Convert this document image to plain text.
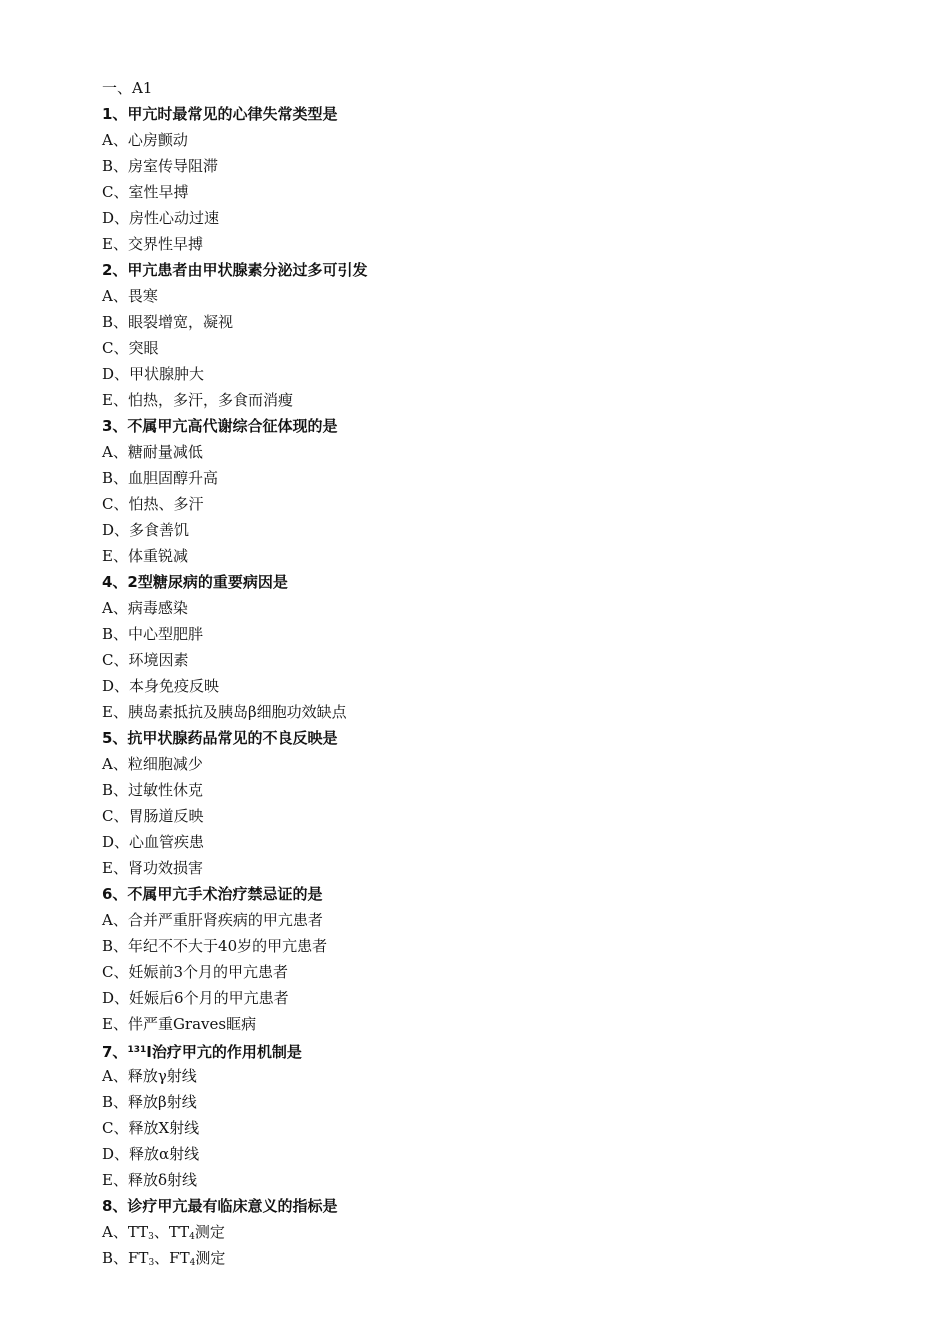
一、A1
1、甲亢时最常见的心律失常类型是
A、心房颤动
B、房室传导阻滞
C、室性早搏
D、房性心动过速
E、交界性早搏
2、甲亢患者由甲状腺素分泌过多可引发
A、畏寒
B、眼裂增宽，凝视
C、突眼
D、甲状腺肿大
E、怕热，多汗，多食而消瘦
3、不属甲亢高代谢综合征体现的是
A、糖耐量减低
B、血胆固醇升高
C、怕热、多汗
D、多食善饥
E、体重锐减
4、2型糖尿病的重要病因是
A、病毒感染
B、中心型肥胖
C、环境因素
D、本身免疫反映
E、胰岛素抵抗及胰岛β细胞功效缺点
5、抗甲状腺药品常见的不良反映是
A、粒细胞减少
B、过敏性休克
C、胃肠道反映
D、心血管疾患
E、肾功效损害
6、不属甲亢手术治疗禁忌证的是
A、合并严重肝肾疾病的甲亢患者
B、年纪不不大于40岁的甲亢患者
C、妊娠前3个月的甲亢患者
D、妊娠后6个月的甲亢患者
E、伴严重Graves眶病
7、$^{131}$I治疗甲亢的作用机制是
A、释放γ射线
B、释放β射线
C、释放X射线
D、释放α射线
E、释放δ射线
8、诊疗甲亢最有临床意义的指标是
A、$TT_3$、$TT_4$测定
B、$FT_3$、$FT_4$测定
